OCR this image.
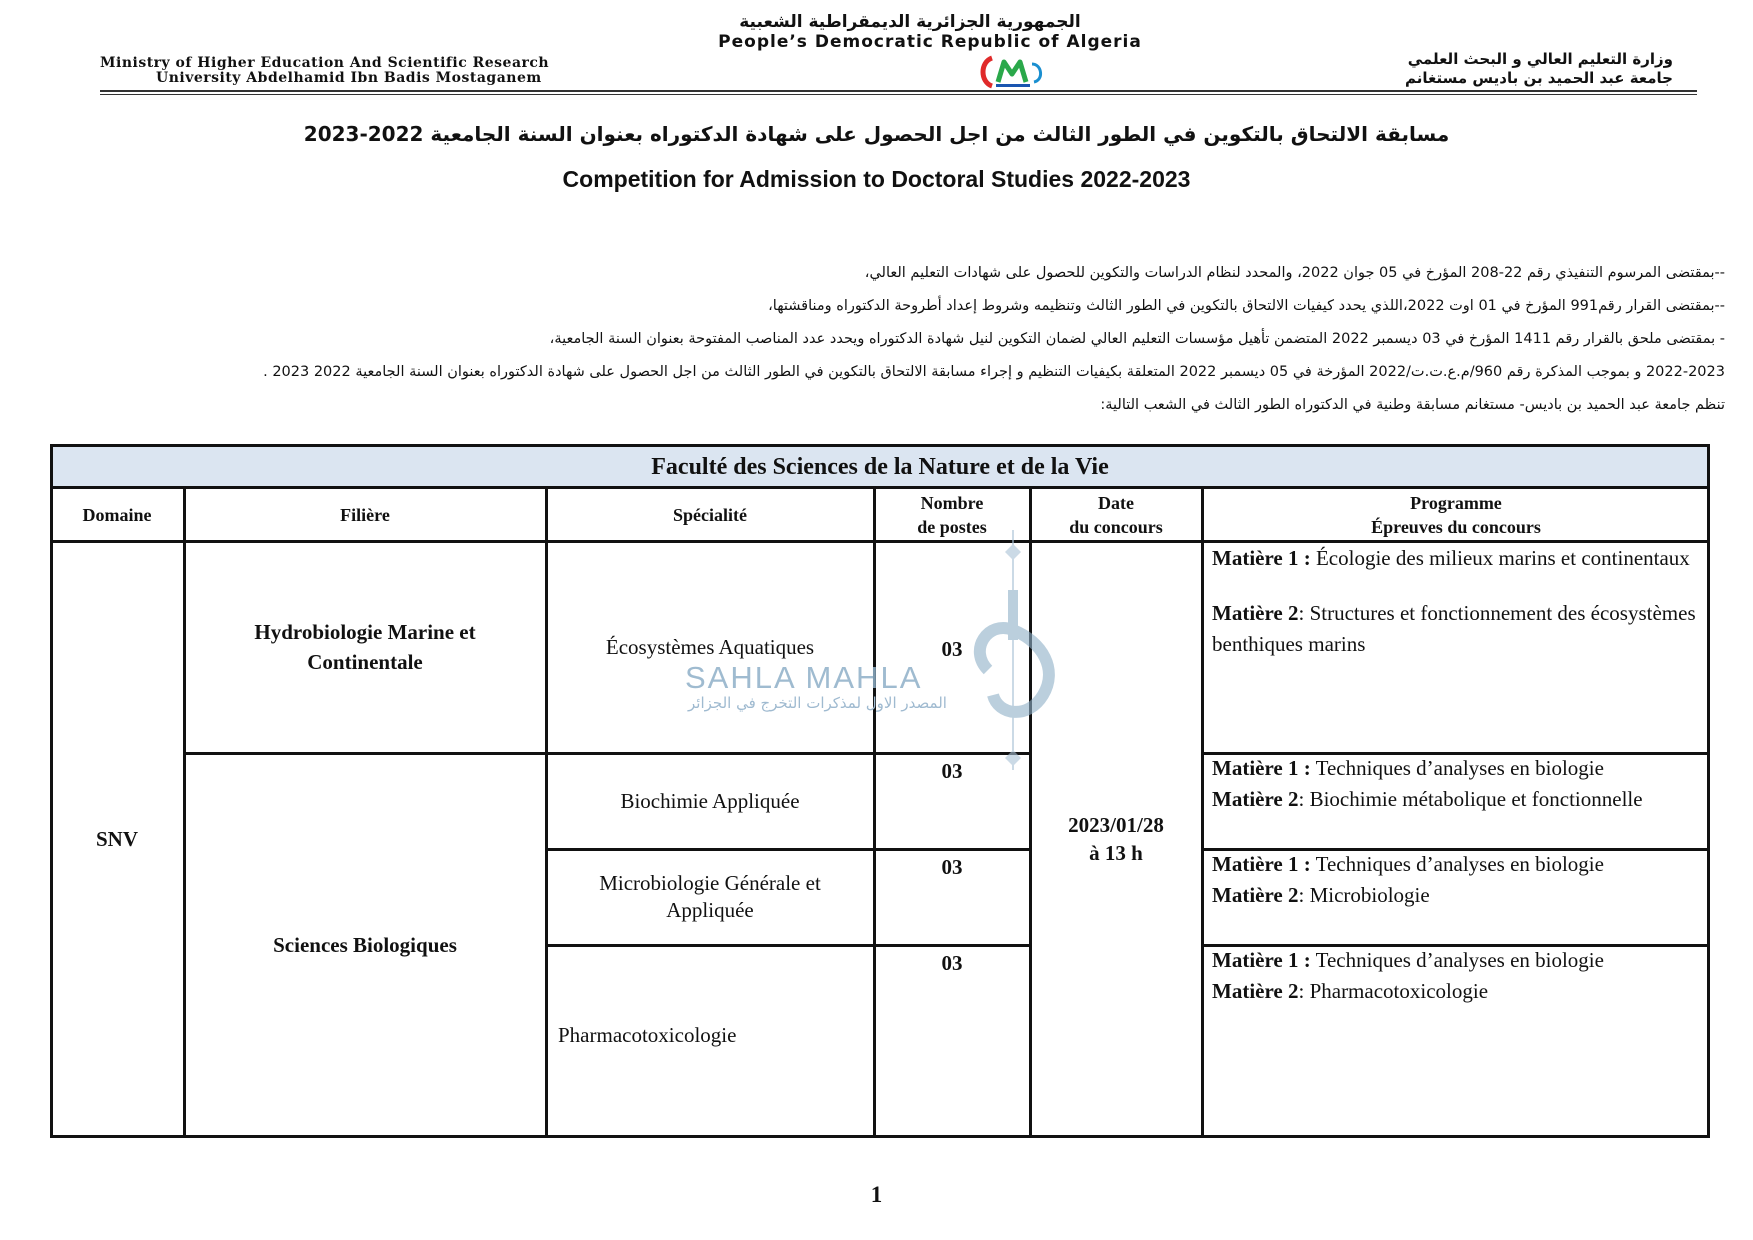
الجمهورية الجزائرية الديمقراطية الشعبية
People’s Democratic Republic of Algeria
Ministry of Higher Education And Scientific Research
University Abdelhamid Ibn Badis Mostaganem
وزارة التعليم العالي و البحث العلمي
جامعة عبد الحميد بن باديس مستغانم
مسابقة الالتحاق بالتكوين في الطور الثالث من اجل الحصول على شهادة الدكتوراه بعنوان السنة الجامعية 2022-2023
Competition for Admission to Doctoral Studies 2022-2023
--بمقتضى المرسوم التنفيذي رقم 22-208 المؤرخ في 05 جوان 2022، والمحدد لنظام الدراسات والتكوين للحصول على شهادات التعليم العالي،
--بمقتضى القرار رقم991 المؤرخ في 01 اوت 2022،اللذي يحدد كيفيات الالتحاق بالتكوين في الطور الثالث وتنظيمه وشروط إعداد أطروحة الدكتوراه ومناقشتها،
- بمقتضى ملحق بالقرار رقم 1411 المؤرخ في 03 ديسمبر 2022 المتضمن تأهيل مؤسسات التعليم العالي لضمان التكوين لنيل شهادة الدكتوراه ويحدد عدد المناصب المفتوحة بعنوان السنة الجامعية،
2022-2023 و بموجب المذكرة رقم 960/م.ع.ت.ت/2022 المؤرخة في 05 ديسمبر 2022 المتعلقة بكيفيات التنظيم و إجراء مسابقة الالتحاق بالتكوين في الطور الثالث من اجل الحصول على شهادة الدكتوراه بعنوان السنة الجامعية 2022 2023 .
تنظم جامعة عبد الحميد بن باديس- مستغانم مسابقة وطنية في الدكتوراه الطور الثالث في الشعب التالية:
Faculté des Sciences de la Nature et de la Vie
Domaine	Filière	Spécialité
Nombre
de postes
Date
du concours
Programme
Épreuves du concours
SNV
Hydrobiologie Marine et Continentale
Sciences Biologiques
Écosystèmes Aquatiques
Biochimie Appliquée
Microbiologie Générale et Appliquée
Pharmacotoxicologie
03
03
03
03
2023/01/28
à 13 h
Matière 1 : Écologie des milieux marins et continentaux
Matière 2: Structures et fonctionnement des écosystèmes benthiques marins
Matière 1 : Techniques d’analyses en biologie
Matière 2: Biochimie métabolique et fonctionnelle
Matière 1 : Techniques d’analyses en biologie
Matière 2: Microbiologie
Matière 1 : Techniques d’analyses en biologie
Matière 2: Pharmacotoxicologie
SAHLA MAHLA
المصدر الاول لمذكرات التخرج في الجزائر
1
